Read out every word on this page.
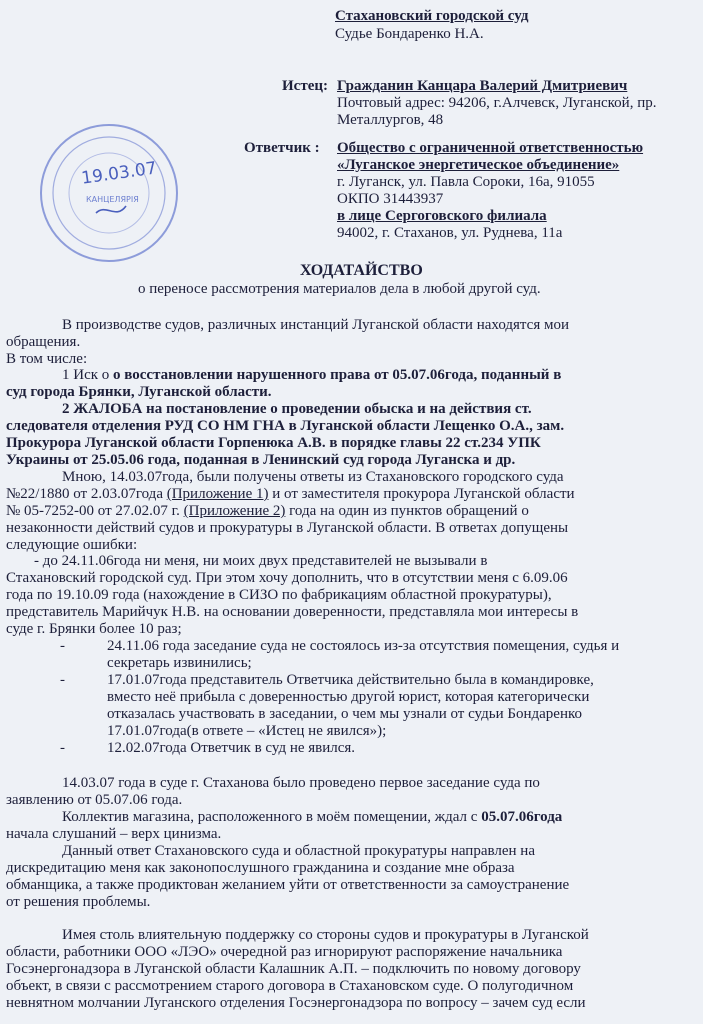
Стахановский городской суд
Судье Бондаренко Н.А.
Истец: Гражданин Канцара Валерий Дмитриевич
Почтовый адрес: 94206, г.Алчевск, Луганской, пр.
Металлургов, 48
Ответчик : Общество с ограниченной ответственностью
«Луганское энергетическое объединение»
г. Луганск, ул. Павла Сороки, 16а, 91055
ОКПО 31443937
в лице Сергоговского филиала
94002, г. Стаханов, ул. Руднева, 11а
19.03.07
КАНЦЕЛЯРІЯ
ХОДАТАЙСТВО
о переносе рассмотрения материалов дела в любой другой суд.
В производстве судов, различных инстанций Луганской области находятся мои
обращения.
В том числе:
1 Иск о о восстановлении нарушенного права от 05.07.06года, поданный в
суд города Брянки, Луганской области.
2 ЖАЛОБА на постановление о проведении обыска и на действия ст.
следователя отделения РУД СО НМ ГНА в Луганской области Лещенко О.А., зам.
Прокурора Луганской области Горпенюка А.В. в порядке главы 22 ст.234 УПК
Украины от 25.05.06 года, поданная в Ленинский суд города Луганска и др.
Мною, 14.03.07года, были получены ответы из Стахановского городского суда
№22/1880 от 2.03.07года (Приложение 1) и от заместителя прокурора Луганской области
№ 05-7252-00 от 27.02.07 г. (Приложение 2) года на один из пунктов обращений о
незаконности действий судов и прокуратуры в Луганской области. В ответах допущены
следующие ошибки:
- до 24.11.06года ни меня, ни моих двух представителей не вызывали в
Стахановский городской суд. При этом хочу дополнить, что в отсутствии меня с 6.09.06
года по 19.10.09 года (нахождение в СИЗО по фабрикациям областной прокуратуры),
представитель Марийчук Н.В. на основании доверенности, представляла мои интересы в
суде г. Брянки более 10 раз;
-	24.11.06 года заседание суда не состоялось из-за отсутствия помещения, судья и
секретарь извинились;
-	17.01.07года представитель Ответчика действительно была в командировке,
вместо неё прибыла с доверенностью другой юрист, которая категорически
отказалась участвовать в заседании, о чем мы узнали от судьи Бондаренко
17.01.07года(в ответе – «Истец не явился»);
-	12.02.07года Ответчик в суд не явился.
14.03.07 года в суде г. Стаханова было проведено первое заседание суда по
заявлению от 05.07.06 года.
Коллектив магазина, расположенного в моём помещении, ждал с 05.07.06года
начала слушаний – верх цинизма.
Данный ответ Стахановского суда и областной прокуратуры направлен на
дискредитацию меня как законопослушного гражданина и создание мне образа
обманщика, а также продиктован желанием уйти от ответственности за самоустранение
от решения проблемы.
Имея столь влиятельную поддержку со стороны судов и прокуратуры в Луганской
области, работники ООО «ЛЭО» очередной раз игнорируют распоряжение начальника
Госэнергонадзора в Луганской области Калашник А.П. – подключить по новому договору
объект, в связи с рассмотрением старого договора в Стахановском суде. О полугодичном
невнятном молчании Луганского отделения Госэнергонадзора по вопросу – зачем суд если
